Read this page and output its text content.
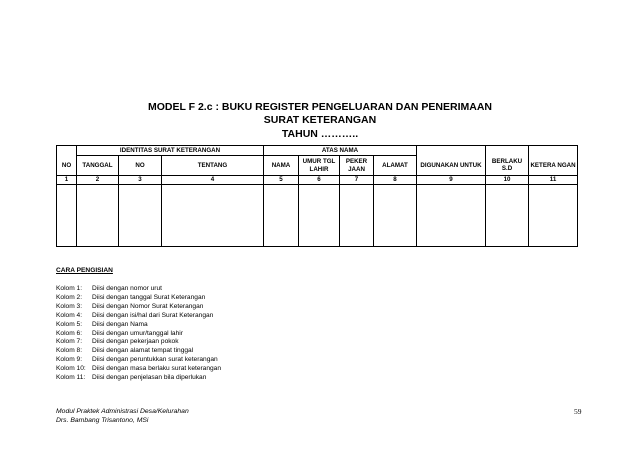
MODEL F 2.c : BUKU REGISTER PENGELUARAN DAN PENERIMAAN
SURAT KETERANGAN
TAHUN ………..
	IDENTITAS SURAT KETERANGAN			ATAS NAMA						
NO	TANGGAL	NO	TENTANG	NAMA	UMUR TGL LAHIR	PEKER JAAN	ALAMAT	DIGUNAKAN UNTUK	BERLAKU S.D	KETERA NGAN
1	2	3	4	5	6	7	8	9	10	11

CARA PENGISIAN
Kolom 1: Diisi dengan nomor urut
Kolom 2: Diisi dengan tanggal Surat Keterangan
Kolom 3: Diisi dengan Nomor Surat Keterangan
Kolom 4: Diisi dengan isi/hal dari Surat Keterangan
Kolom 5: Diisi dengan Nama
Kolom 6: Diisi dengan umur/tanggal lahir
Kolom 7: Diisi dengan pekerjaan pokok
Kolom 8: Diisi dengan alamat tempat tinggal
Kolom 9: Diisi dengan peruntukkan surat keterangan
Kolom 10: Diisi dengan masa berlaku surat keterangan
Kolom 11: Diisi dengan penjelasan bila diperlukan
Modul Praktek Administrasi Desa/Kelurahan
Drs. Bambang Trisantono, MSi
59
